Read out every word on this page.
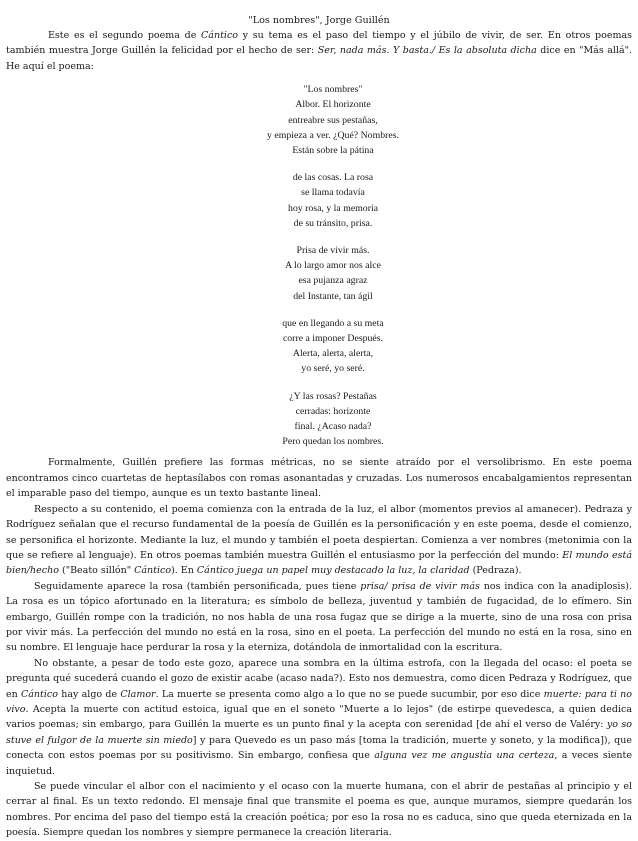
"Los nombres", Jorge Guillén

Este es el segundo poema de Cántico y su tema es el paso del tiempo y el júbilo de vivir, de ser. En otros poemas también muestra Jorge Guillén la felicidad por el hecho de ser: Ser, nada más. Y basta./ Es la absoluta dicha dice en "Más allá". He aquí el poema:

"Los nombres"
Albor. El horizonte
entreabre sus pestañas,
y empieza a ver. ¿Qué? Nombres.
Están sobre la pátina
de las cosas. La rosa
se llama todavía
hoy rosa, y la memoria
de su tránsito, prisa.
Prisa de vivir más.
A lo largo amor nos alce
esa pujanza agraz
del Instante, tan ágil
que en llegando a su meta
corre a imponer Después.
Alerta, alerta, alerta,
yo seré, yo seré.
¿Y las rosas? Pestañas
cerradas: horizonte
final. ¿Acaso nada?
Pero quedan los nombres.

Formalmente, Guillén prefiere las formas métricas, no se siente atraído por el versolibrismo. En este poema encontramos cinco cuartetas de heptasílabos con romas asonantadas y cruzadas. Los numerosos encabalgamientos representan el imparable paso del tiempo, aunque es un texto bastante lineal.

Respecto a su contenido, el poema comienza con la entrada de la luz, el albor (momentos previos al amanecer). Pedraza y Rodríguez señalan que el recurso fundamental de la poesía de Guillén es la personificación y en este poema, desde el comienzo, se personifica el horizonte. Mediante la luz, el mundo y también el poeta despiertan. Comienza a ver nombres (metonimia con la que se refiere al lenguaje). En otros poemas también muestra Guillén el entusiasmo por la perfección del mundo: El mundo está bien/hecho ("Beato sillón" Cántico). En Cántico juega un papel muy destacado la luz, la claridad (Pedraza).

Seguidamente aparece la rosa (también personificada, pues tiene prisa/ prisa de vivir más nos indica con la anadiplosis). La rosa es un tópico afortunado en la literatura; es símbolo de belleza, juventud y también de fugacidad, de lo efímero. Sin embargo, Guillén rompe con la tradición, no nos habla de una rosa fugaz que se dirige a la muerte, sino de una rosa con prisa por vivir más. La perfección del mundo no está en la rosa, sino en el poeta. La perfección del mundo no está en la rosa, sino en su nombre. El lenguaje hace perdurar la rosa y la eterniza, dotándola de inmortalidad con la escritura.

No obstante, a pesar de todo este gozo, aparece una sombra en la última estrofa, con la llegada del ocaso: el poeta se pregunta qué sucederá cuando el gozo de existir acabe (acaso nada?). Esto nos demuestra, como dicen Pedraza y Rodríguez, que en Cántico hay algo de Clamor. La muerte se presenta como algo a lo que no se puede sucumbir, por eso dice muerte: para ti no vivo. Acepta la muerte con actitud estoica, igual que en el soneto "Muerte a lo lejos" (de estirpe quevedesca, a quien dedica varios poemas; sin embargo, para Guillén la muerte es un punto final y la acepta con serenidad [de ahí el verso de Valéry: yo so stuve el fulgor de la muerte sin miedo] y para Quevedo es un paso más [toma la tradición, muerte y soneto, y la modifica]), que conecta con estos poemas por su positivismo. Sin embargo, confiesa que alguna vez me angustia una certeza, a veces siente inquietud.

Se puede vincular el albor con el nacimiento y el ocaso con la muerte humana, con el abrir de pestañas al principio y el cerrar al final. Es un texto redondo. El mensaje final que transmite el poema es que, aunque muramos, siempre quedarán los nombres. Por encima del paso del tiempo está la creación poética; por eso la rosa no es caduca, sino que queda eternizada en la poesía. Siempre quedan los nombres y siempre permanece la creación literaria.
